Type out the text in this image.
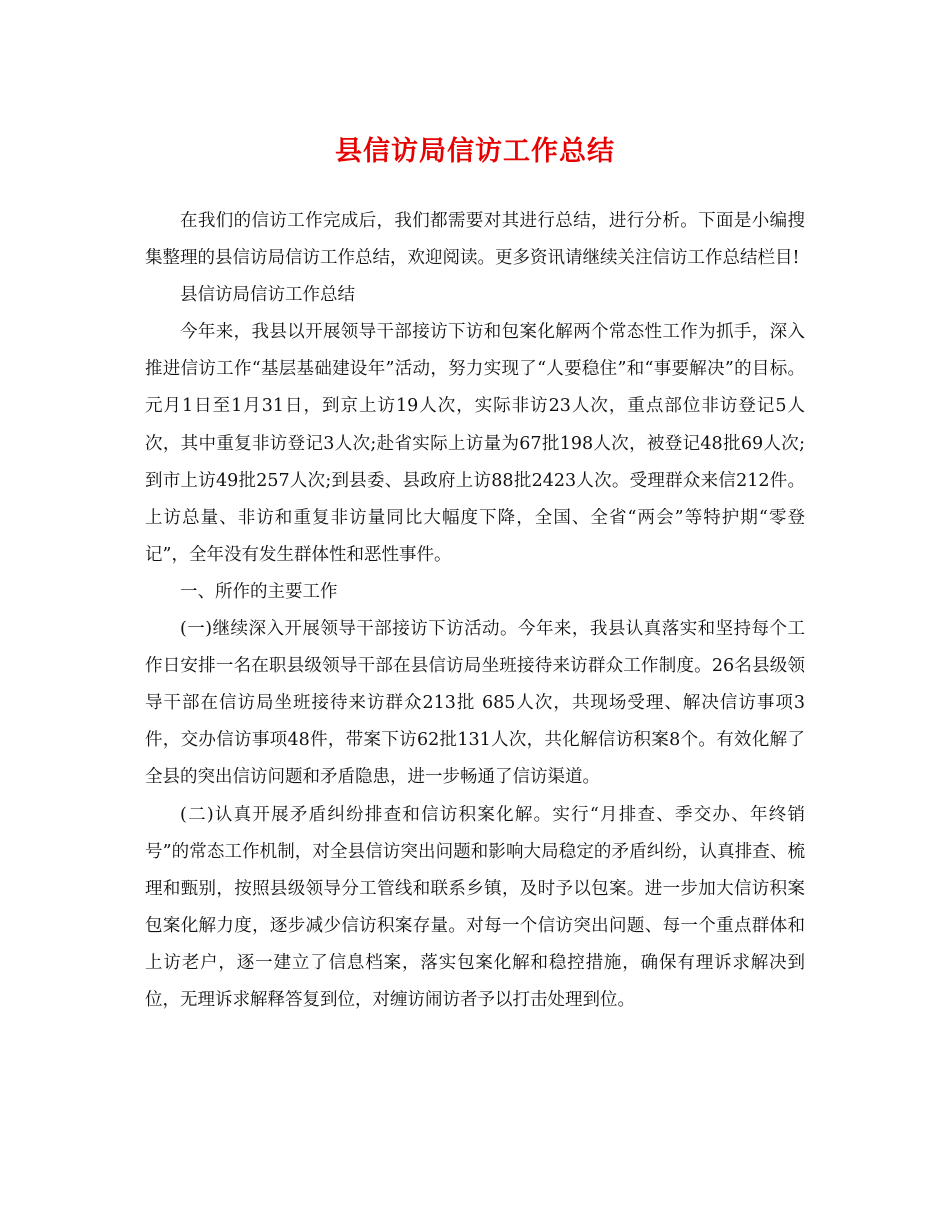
县信访局信访工作总结

在我们的信访工作完成后，我们都需要对其进行总结，进行分析。下面是小编搜集整理的县信访局信访工作总结，欢迎阅读。更多资讯请继续关注信访工作总结栏目!

县信访局信访工作总结

今年来，我县以开展领导干部接访下访和包案化解两个常态性工作为抓手，深入推进信访工作“基层基础建设年”活动，努力实现了“人要稳住”和“事要解决”的目标。元月1日至1月31日，到京上访19人次，实际非访23人次，重点部位非访登记5人次，其中重复非访登记3人次;赴省实际上访量为67批198人次，被登记48批69人次;到市上访49批257人次;到县委、县政府上访88批2423人次。受理群众来信212件。上访总量、非访和重复非访量同比大幅度下降，全国、全省“两会”等特护期“零登记”，全年没有发生群体性和恶性事件。

一、所作的主要工作

(一)继续深入开展领导干部接访下访活动。今年来，我县认真落实和坚持每个工作日安排一名在职县级领导干部在县信访局坐班接待来访群众工作制度。26名县级领导干部在信访局坐班接待来访群众213批 685人次，共现场受理、解决信访事项3件，交办信访事项48件，带案下访62批131人次，共化解信访积案8个。有效化解了全县的突出信访问题和矛盾隐患，进一步畅通了信访渠道。

(二)认真开展矛盾纠纷排查和信访积案化解。实行“月排查、季交办、年终销号”的常态工作机制，对全县信访突出问题和影响大局稳定的矛盾纠纷，认真排查、梳理和甄别，按照县级领导分工管线和联系乡镇，及时予以包案。进一步加大信访积案包案化解力度，逐步减少信访积案存量。对每一个信访突出问题、每一个重点群体和上访老户，逐一建立了信息档案，落实包案化解和稳控措施，确保有理诉求解决到位，无理诉求解释答复到位，对缠访闹访者予以打击处理到位。
